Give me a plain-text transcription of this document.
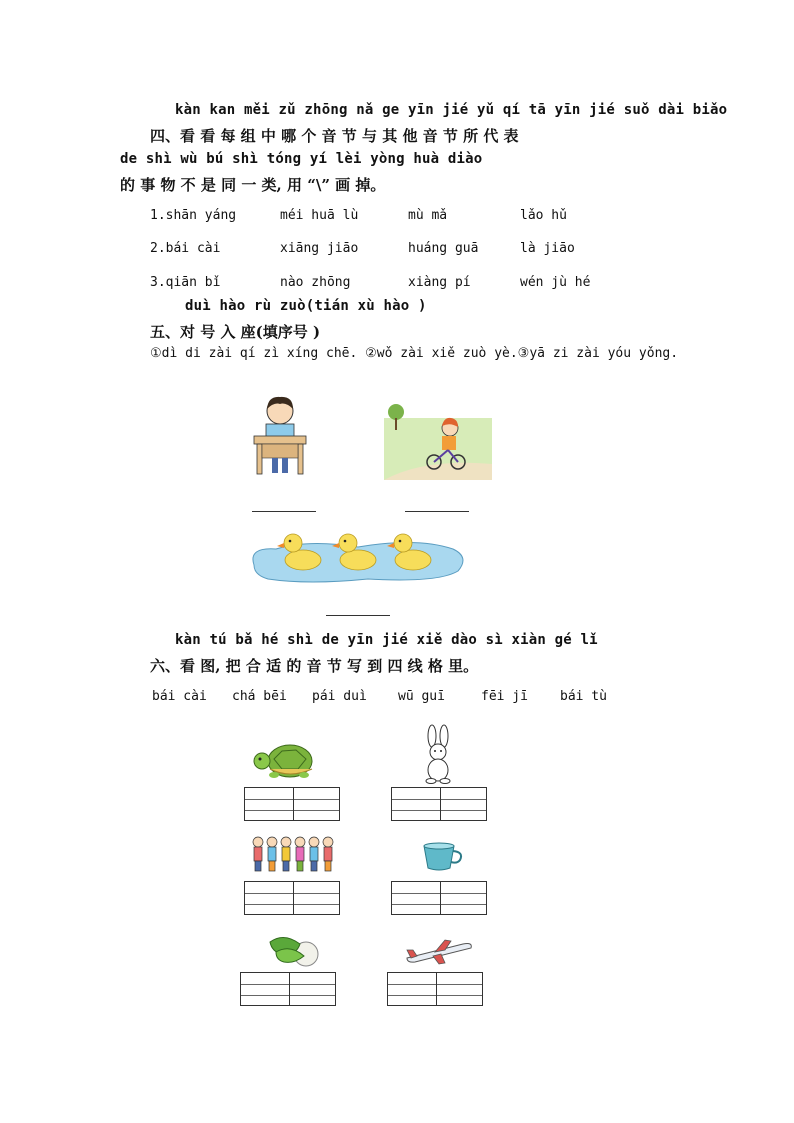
kàn kan měi zǔ zhōng nǎ ge yīn jié yǔ qí tā yīn jié suǒ dài biǎo
四、看 看 每 组 中 哪 个 音 节 与 其 他 音 节 所 代 表
de shì wù bú shì tóng yí lèi yòng huà diào
的 事 物 不 是 同 一 类, 用 “\” 画 掉。
1.shān yáng	méi huā lù	mù mǎ	lǎo hǔ
2.bái cài	xiāng jiāo	huáng guā	là jiāo
3.qiān bǐ	nào zhōng	xiàng pí	wén jù hé
duì hào rù zuò(tián xù hào )
五、对 号 入 座(填序号 )
①dì di zài qí zì xíng chē. ②wǒ zài xiě zuò yè.③yā zi zài yóu yǒng.
kàn tú bǎ hé shì de yīn jié xiě dào sì xiàn gé lǐ
六、看 图, 把 合 适 的 音 节 写 到 四 线 格 里。
bái cài chá bēi pái duì wū guī	fēi jī bái tù
